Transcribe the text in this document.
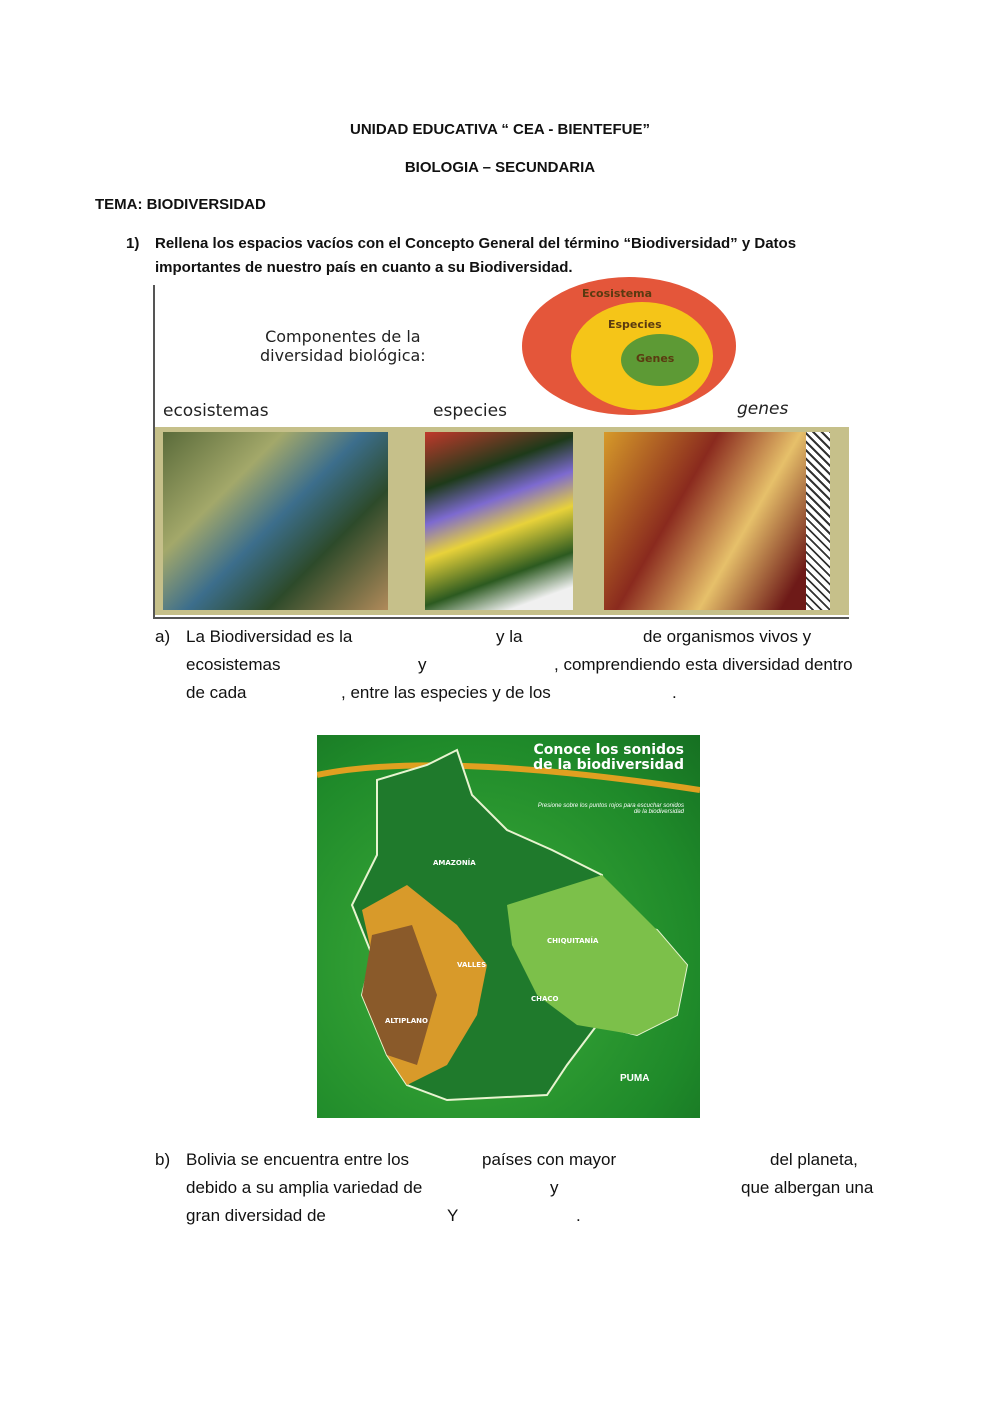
UNIDAD EDUCATIVA “ CEA - BIENTEFUE”
BIOLOGIA – SECUNDARIA
TEMA: BIODIVERSIDAD
1) Rellena los espacios vacíos con el Concepto General del término “Biodiversidad” y Datos
importantes de nuestro país en cuanto a su Biodiversidad.
Componentes de la
diversidad biológica:
Ecosistema
Especies
Genes
ecosistemas	especies	genes
a) La Biodiversidad es la	y la	de organismos vivos y
ecosistemas	y	, comprendiendo esta diversidad dentro
de cada	, entre las especies y de los	.
Conoce los sonidos
de la biodiversidad
Presione sobre los puntos rojos para escuchar sonidos de la biodiversidad
AMAZONÍA
CHIQUITANÍA
VALLES
CHACO
ALTIPLANO
PUMA
b) Bolivia se encuentra entre los	países con mayor	del planeta,
debido a su amplia variedad de	y	que albergan una
gran diversidad de	Y	.
